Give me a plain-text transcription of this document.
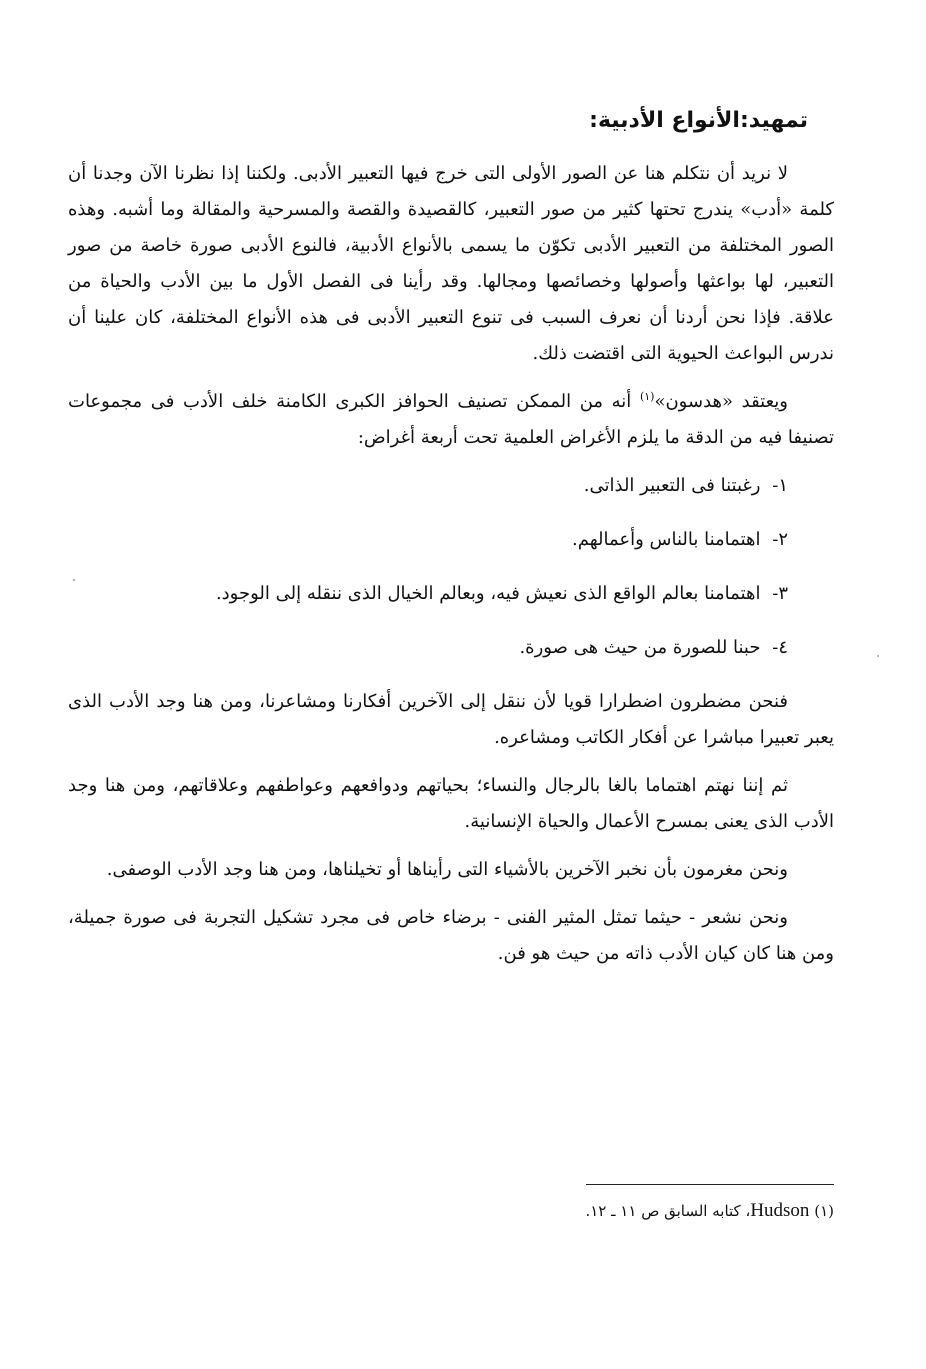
تمهيد:الأنواع الأدبية:

لا نريد أن نتكلم هنا عن الصور الأولى التى خرج فيها التعبير الأدبى. ولكننا إذا نظرنا الآن وجدنا أن كلمة «أدب» يندرج تحتها كثير من صور التعبير، كالقصيدة والقصة والمسرحية والمقالة وما أشبه. وهذه الصور المختلفة من التعبير الأدبى تكوّن ما يسمى بالأنواع الأدبية، فالنوع الأدبى صورة خاصة من صور التعبير، لها بواعثها وأصولها وخصائصها ومجالها. وقد رأينا فى الفصل الأول ما بين الأدب والحياة من علاقة. فإذا نحن أردنا أن نعرف السبب فى تنوع التعبير الأدبى فى هذه الأنواع المختلفة، كان علينا أن ندرس البواعث الحيوية التى اقتضت ذلك.

ويعتقد «هدسون»$^{(١)}$ أنه من الممكن تصنيف الحوافز الكبرى الكامنة خلف الأدب فى مجموعات تصنيفا فيه من الدقة ما يلزم الأغراض العلمية تحت أربعة أغراض:

١- رغبتنا فى التعبير الذاتى.
٢- اهتمامنا بالناس وأعمالهم.
٣- اهتمامنا بعالم الواقع الذى نعيش فيه، وبعالم الخيال الذى ننقله إلى الوجود.
٤- حبنا للصورة من حيث هى صورة.

فنحن مضطرون اضطرارا قويا لأن ننقل إلى الآخرين أفكارنا ومشاعرنا، ومن هنا وجد الأدب الذى يعبر تعبيرا مباشرا عن أفكار الكاتب ومشاعره.

ثم إننا نهتم اهتماما بالغا بالرجال والنساء؛ بحياتهم ودوافعهم وعواطفهم وعلاقاتهم، ومن هنا وجد الأدب الذى يعنى بمسرح الأعمال والحياة الإنسانية.

ونحن مغرمون بأن نخبر الآخرين بالأشياء التى رأيناها أو تخيلناها، ومن هنا وجد الأدب الوصفى.

ونحن نشعر - حيثما تمثل المثير الفنى - برضاء خاص فى مجرد تشكيل التجربة فى صورة جميلة، ومن هنا كان كيان الأدب ذاته من حيث هو فن.

(١) Hudson، كتابه السابق ص ١١ ـ ١٢.
